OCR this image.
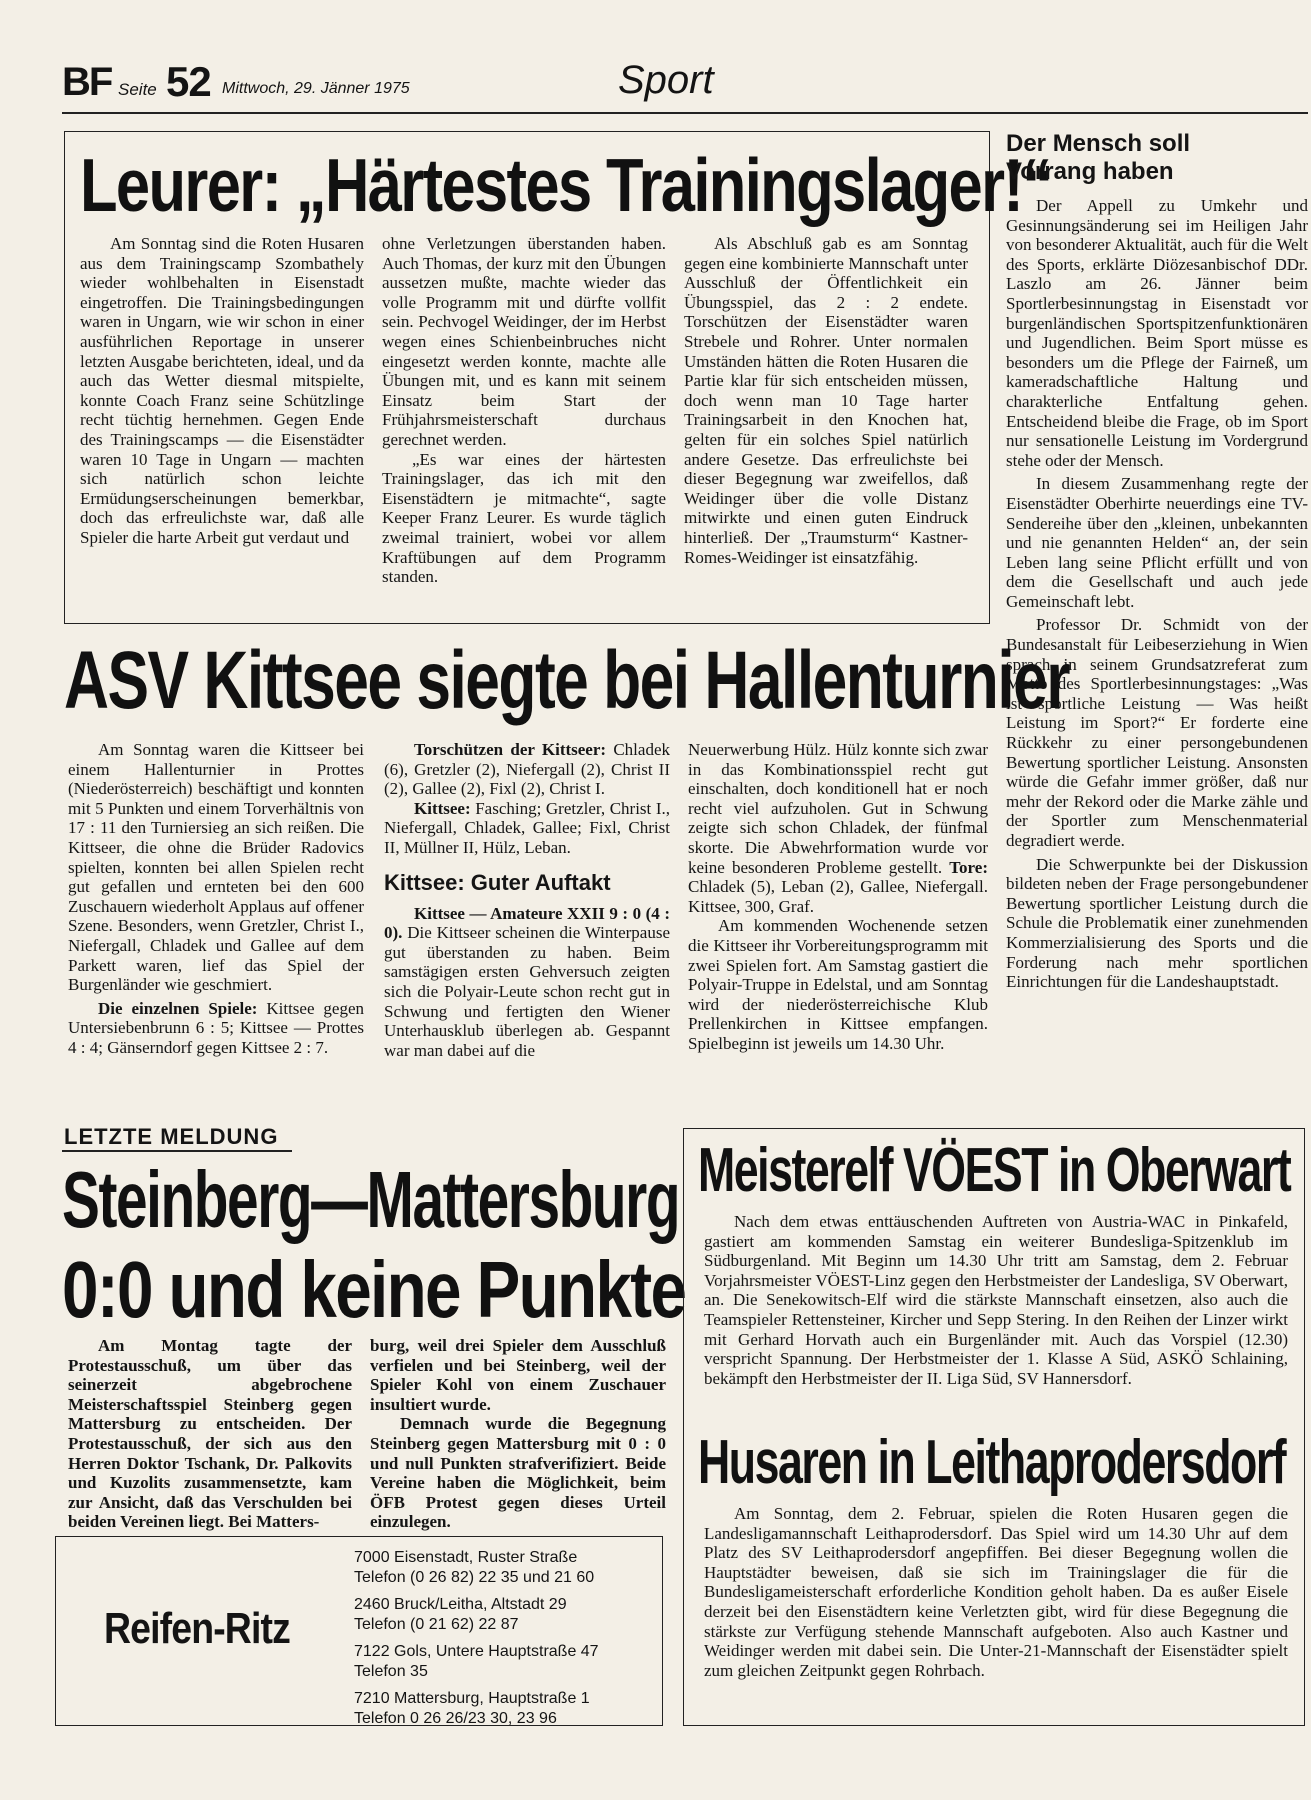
BF Seite 52 Mittwoch, 29. Jänner 1975	Sport
Leurer: „Härtestes Trainingslager!“

Am Sonntag sind die Roten Husaren aus dem Trainingscamp Szombathely wieder wohlbehalten in Eisenstadt eingetroffen. Die Trainingsbedingungen waren in Ungarn, wie wir schon in einer ausführlichen Reportage in unserer letzten Ausgabe berichteten, ideal, und da auch das Wetter diesmal mitspielte, konnte Coach Franz seine Schützlinge recht tüchtig hernehmen. Gegen Ende des Trainingscamps — die Eisenstädter waren 10 Tage in Ungarn — machten sich natürlich schon leichte Ermüdungserscheinungen bemerkbar, doch das erfreulichste war, daß alle Spieler die harte Arbeit gut verdaut und

ohne Verletzungen überstanden haben. Auch Thomas, der kurz mit den Übungen aussetzen mußte, machte wieder das volle Programm mit und dürfte vollfit sein. Pechvogel Weidinger, der im Herbst wegen eines Schienbeinbruches nicht eingesetzt werden konnte, machte alle Übungen mit, und es kann mit seinem Einsatz beim Start der Frühjahrsmeisterschaft durchaus gerechnet werden.

„Es war eines der härtesten Trainingslager, das ich mit den Eisenstädtern je mitmachte“, sagte Keeper Franz Leurer. Es wurde täglich zweimal trainiert, wobei vor allem Kraftübungen auf dem Programm standen.

Als Abschluß gab es am Sonntag gegen eine kombinierte Mannschaft unter Ausschluß der Öffentlichkeit ein Übungsspiel, das 2 : 2 endete. Torschützen der Eisenstädter waren Strebele und Rohrer. Unter normalen Umständen hätten die Roten Husaren die Partie klar für sich entscheiden müssen, doch wenn man 10 Tage harter Trainingsarbeit in den Knochen hat, gelten für ein solches Spiel natürlich andere Gesetze. Das erfreulichste bei dieser Begegnung war zweifellos, daß Weidinger über die volle Distanz mitwirkte und einen guten Eindruck hinterließ. Der „Traumsturm“ Kastner-Romes-Weidinger ist einsatzfähig.

Der Mensch soll Vorrang haben

Der Appell zu Umkehr und Gesinnungsänderung sei im Heiligen Jahr von besonderer Aktualität, auch für die Welt des Sports, erklärte Diözesanbischof DDr. Laszlo am 26. Jänner beim Sportlerbesinnungstag in Eisenstadt vor burgenländischen Sportspitzenfunktionären und Jugendlichen. Beim Sport müsse es besonders um die Pflege der Fairneß, um kameradschaftliche Haltung und charakterliche Entfaltung gehen. Entscheidend bleibe die Frage, ob im Sport nur sensationelle Leistung im Vordergrund stehe oder der Mensch.

In diesem Zusammenhang regte der Eisenstädter Oberhirte neuerdings eine TV-Sendereihe über den „kleinen, unbekannten und nie genannten Helden“ an, der sein Leben lang seine Pflicht erfüllt und von dem die Gesellschaft und auch jede Gemeinschaft lebt.

Professor Dr. Schmidt von der Bundesanstalt für Leibeserziehung in Wien sprach in seinem Grundsatzreferat zum Motto des Sportlerbesinnungstages: „Was ist sportliche Leistung — Was heißt Leistung im Sport?“ Er forderte eine Rückkehr zu einer persongebundenen Bewertung sportlicher Leistung. Ansonsten würde die Gefahr immer größer, daß nur mehr der Rekord oder die Marke zähle und der Sportler zum Menschenmaterial degradiert werde.

Die Schwerpunkte bei der Diskussion bildeten neben der Frage persongebundener Bewertung sportlicher Leistung durch die Schule die Problematik einer zunehmenden Kommerzialisierung des Sports und die Forderung nach mehr sportlichen Einrichtungen für die Landeshauptstadt.

ASV Kittsee siegte bei Hallenturnier

Am Sonntag waren die Kittseer bei einem Hallenturnier in Prottes (Niederösterreich) beschäftigt und konnten mit 5 Punkten und einem Torverhältnis von 17 : 11 den Turniersieg an sich reißen. Die Kittseer, die ohne die Brüder Radovics spielten, konnten bei allen Spielen recht gut gefallen und ernteten bei den 600 Zuschauern wiederholt Applaus auf offener Szene. Besonders, wenn Gretzler, Christ I., Niefergall, Chladek und Gallee auf dem Parkett waren, lief das Spiel der Burgenländer wie geschmiert.

Die einzelnen Spiele: Kittsee gegen Untersiebenbrunn 6 : 5; Kittsee — Prottes 4 : 4; Gänserndorf gegen Kittsee 2 : 7.

Torschützen der Kittseer: Chladek (6), Gretzler (2), Niefergall (2), Christ II (2), Gallee (2), Fixl (2), Christ I.

Kittsee: Fasching; Gretzler, Christ I., Niefergall, Chladek, Gallee; Fixl, Christ II, Müllner II, Hülz, Leban.

Kittsee: Guter Auftakt

Kittsee — Amateure XXII 9 : 0 (4 : 0). Die Kittseer scheinen die Winterpause gut überstanden zu haben. Beim samstägigen ersten Gehversuch zeigten sich die Polyair-Leute schon recht gut in Schwung und fertigten den Wiener Unterhausklub überlegen ab. Gespannt war man dabei auf die

Neuerwerbung Hülz. Hülz konnte sich zwar in das Kombinationsspiel recht gut einschalten, doch konditionell hat er noch recht viel aufzuholen. Gut in Schwung zeigte sich schon Chladek, der fünfmal skorte. Die Abwehrformation wurde vor keine besonderen Probleme gestellt. Tore: Chladek (5), Leban (2), Gallee, Niefergall. Kittsee, 300, Graf.

Am kommenden Wochenende setzen die Kittseer ihr Vorbereitungsprogramm mit zwei Spielen fort. Am Samstag gastiert die Polyair-Truppe in Edelstal, und am Sonntag wird der niederösterreichische Klub Prellenkirchen in Kittsee empfangen. Spielbeginn ist jeweils um 14.30 Uhr.

LETZTE MELDUNG
Steinberg—Mattersburg
0:0 und keine Punkte

Am Montag tagte der Protestausschuß, um über das seinerzeit abgebrochene Meisterschaftsspiel Steinberg gegen Mattersburg zu entscheiden. Der Protestausschuß, der sich aus den Herren Doktor Tschank, Dr. Palkovits und Kuzolits zusammensetzte, kam zur Ansicht, daß das Verschulden bei beiden Vereinen liegt. Bei Matters-

burg, weil drei Spieler dem Ausschluß verfielen und bei Steinberg, weil der Spieler Kohl von einem Zuschauer insultiert wurde.

Demnach wurde die Begegnung Steinberg gegen Mattersburg mit 0 : 0 und null Punkten strafverifiziert. Beide Vereine haben die Möglichkeit, beim ÖFB Protest gegen dieses Urteil einzulegen.

Reifen-Ritz
7000 Eisenstadt, Ruster Straße
Telefon (0 26 82) 22 35 und 21 60
2460 Bruck/Leitha, Altstadt 29
Telefon (0 21 62) 22 87
7122 Gols, Untere Hauptstraße 47
Telefon 35
7210 Mattersburg, Hauptstraße 1
Telefon 0 26 26/23 30, 23 96
Meisterelf VÖEST in Oberwart

Nach dem etwas enttäuschenden Auftreten von Austria-WAC in Pinkafeld, gastiert am kommenden Samstag ein weiterer Bundesliga-Spitzenklub im Südburgenland. Mit Beginn um 14.30 Uhr tritt am Samstag, dem 2. Februar Vorjahrsmeister VÖEST-Linz gegen den Herbstmeister der Landesliga, SV Oberwart, an. Die Senekowitsch-Elf wird die stärkste Mannschaft einsetzen, also auch die Teamspieler Rettensteiner, Kircher und Sepp Stering. In den Reihen der Linzer wirkt mit Gerhard Horvath auch ein Burgenländer mit. Auch das Vorspiel (12.30) verspricht Spannung. Der Herbstmeister der 1. Klasse A Süd, ASKÖ Schlaining, bekämpft den Herbstmeister der II. Liga Süd, SV Hannersdorf.

Husaren in Leithaprodersdorf

Am Sonntag, dem 2. Februar, spielen die Roten Husaren gegen die Landesligamannschaft Leithaprodersdorf. Das Spiel wird um 14.30 Uhr auf dem Platz des SV Leithaprodersdorf angepfiffen. Bei dieser Begegnung wollen die Hauptstädter beweisen, daß sie sich im Trainingslager die für die Bundesligameisterschaft erforderliche Kondition geholt haben. Da es außer Eisele derzeit bei den Eisenstädtern keine Verletzten gibt, wird für diese Begegnung die stärkste zur Verfügung stehende Mannschaft aufgeboten. Also auch Kastner und Weidinger werden mit dabei sein. Die Unter-21-Mannschaft der Eisenstädter spielt zum gleichen Zeitpunkt gegen Rohrbach.
